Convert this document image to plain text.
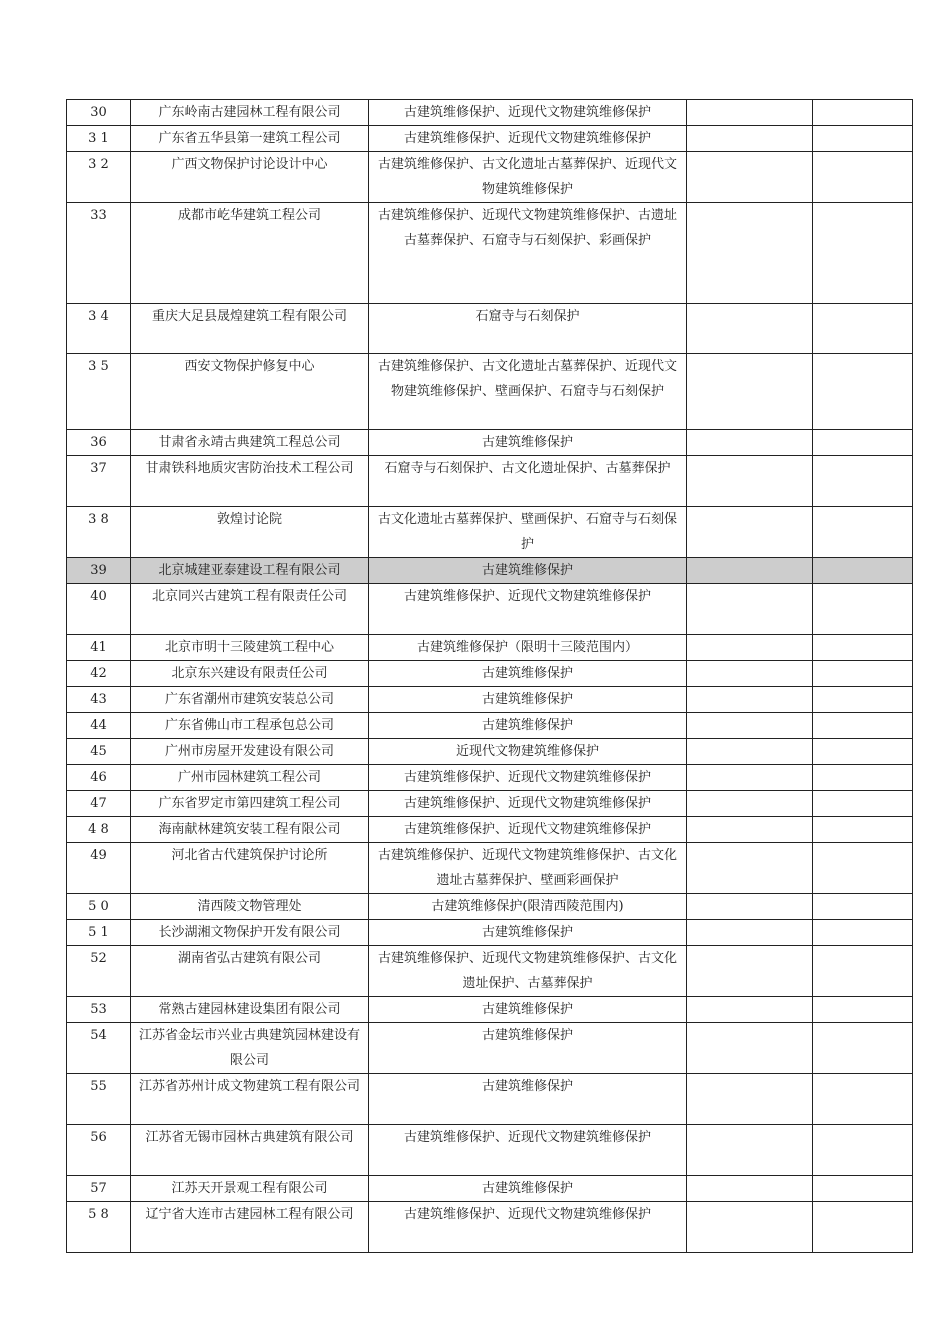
30	广东岭南古建园林工程有限公司	古建筑维修保护、近现代文物建筑维修保护		
3 1	广东省五华县第一建筑工程公司	古建筑维修保护、近现代文物建筑维修保护		
3 2	广西文物保护讨论设计中心	古建筑维修保护、古文化遗址古墓葬保护、近现代文物建筑维修保护		
33	成都市屹华建筑工程公司	古建筑维修保护、近现代文物建筑维修保护、古遗址古墓葬保护、石窟寺与石刻保护、彩画保护		
3 4	重庆大足县晟煌建筑工程有限公司	石窟寺与石刻保护		
3 5	西安文物保护修复中心	古建筑维修保护、古文化遗址古墓葬保护、近现代文物建筑维修保护、壁画保护、石窟寺与石刻保护		
36	甘肃省永靖古典建筑工程总公司	古建筑维修保护		
37	甘肃铁科地质灾害防治技术工程公司	石窟寺与石刻保护、古文化遗址保护、古墓葬保护		
3 8	敦煌讨论院	古文化遗址古墓葬保护、壁画保护、石窟寺与石刻保护		
39	北京城建亚泰建设工程有限公司	古建筑维修保护		
40	北京同兴古建筑工程有限责任公司	古建筑维修保护、近现代文物建筑维修保护		
41	北京市明十三陵建筑工程中心	古建筑维修保护（限明十三陵范围内）		
42	北京东兴建设有限责任公司	古建筑维修保护		
43	广东省潮州市建筑安装总公司	古建筑维修保护		
44	广东省佛山市工程承包总公司	古建筑维修保护		
45	广州市房屋开发建设有限公司	近现代文物建筑维修保护		
46	广州市园林建筑工程公司	古建筑维修保护、近现代文物建筑维修保护		
47	广东省罗定市第四建筑工程公司	古建筑维修保护、近现代文物建筑维修保护		
4 8	海南献林建筑安装工程有限公司	古建筑维修保护、近现代文物建筑维修保护		
49	河北省古代建筑保护讨论所	古建筑维修保护、近现代文物建筑维修保护、古文化遗址古墓葬保护、壁画彩画保护		
5 0	清西陵文物管理处	古建筑维修保护(限清西陵范围内)		
5 1	长沙湖湘文物保护开发有限公司	古建筑维修保护		
52	湖南省弘古建筑有限公司	古建筑维修保护、近现代文物建筑维修保护、古文化遗址保护、古墓葬保护		
53	常熟古建园林建设集团有限公司	古建筑维修保护		
54	江苏省金坛市兴业古典建筑园林建设有限公司	古建筑维修保护		
55	江苏省苏州计成文物建筑工程有限公司	古建筑维修保护		
56	江苏省无锡市园林古典建筑有限公司	古建筑维修保护、近现代文物建筑维修保护		
57	江苏天开景观工程有限公司	古建筑维修保护		
5 8	辽宁省大连市古建园林工程有限公司	古建筑维修保护、近现代文物建筑维修保护		
